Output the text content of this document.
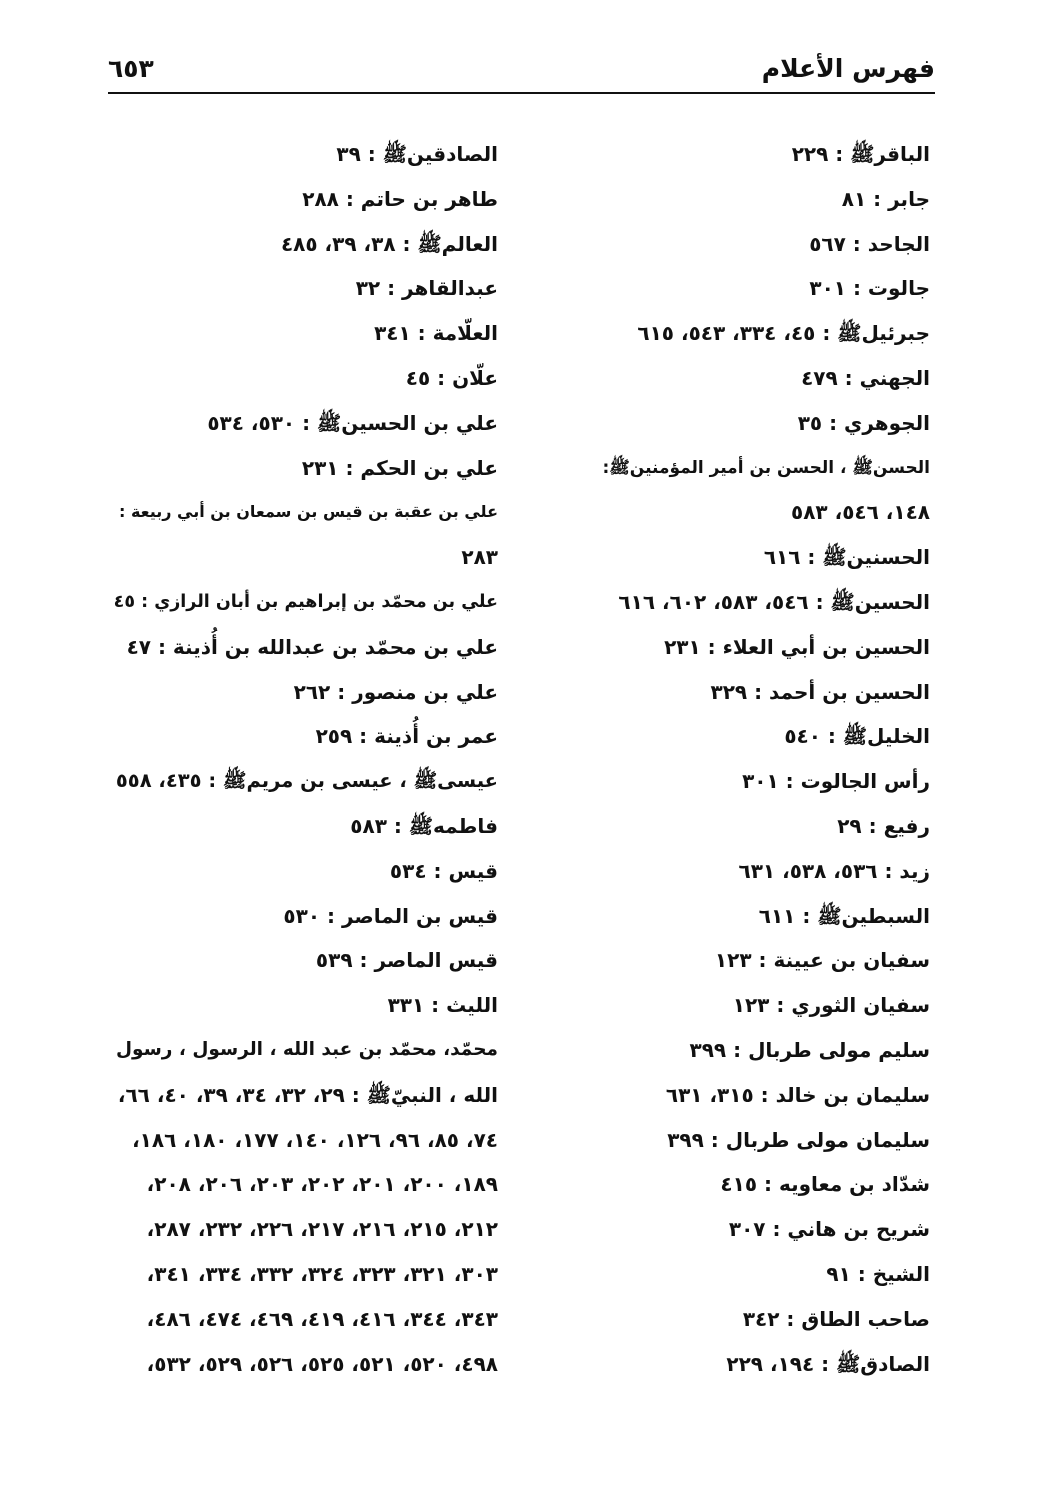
فهرس الأعلام
٦٥٣
الباقرﷺ : ٢٢٩
جابر : ٨١
الجاحد : ٥٦٧
جالوت : ٣٠١
جبرئيلﷺ : ٤٥، ٣٣٤، ٥٤٣، ٦١٥
الجهني : ٤٧٩
الجوهري : ٣٥
الحسنﷺ ، الحسن بن أمير المؤمنينﷺ:
١٤٨، ٥٤٦، ٥٨٣
الحسنينﷺ : ٦١٦
الحسينﷺ : ٥٤٦، ٥٨٣، ٦٠٢، ٦١٦
الحسين بن أبي العلاء : ٢٣١
الحسين بن أحمد : ٣٢٩
الخليلﷺ : ٥٤٠
رأس الجالوت : ٣٠١
رفيع : ٢٩
زيد : ٥٣٦، ٥٣٨، ٦٣١
السبطينﷺ : ٦١١
سفيان بن عيينة : ١٢٣
سفيان الثوري : ١٢٣
سليم مولى طربال : ٣٩٩
سليمان بن خالد : ٣١٥، ٦٣١
سليمان مولى طربال : ٣٩٩
شدّاد بن معاويه : ٤١٥
شريح بن هاني : ٣٠٧
الشيخ : ٩١
صاحب الطاق : ٣٤٢
الصادقﷺ : ١٩٤، ٢٢٩
الصادقينﷺ : ٣٩
طاهر بن حاتم : ٢٨٨
العالمﷺ : ٣٨، ٣٩، ٤٨٥
عبدالقاهر : ٣٢
العلّامة : ٣٤١
علّان : ٤٥
علي بن الحسينﷺ : ٥٣٠، ٥٣٤
علي بن الحكم : ٢٣١
علي بن عقبة بن قيس بن سمعان بن أبي ربيعة :
٢٨٣
علي بن محمّد بن إبراهيم بن أبان الرازي : ٤٥
علي بن محمّد بن عبدالله بن أُذينة : ٤٧
علي بن منصور : ٢٦٢
عمر بن أُذينة : ٢٥٩
عيسىﷺ ، عيسى بن مريمﷺ : ٤٣٥، ٥٥٨
فاطمهﷺ : ٥٨٣
قيس : ٥٣٤
قيس بن الماصر : ٥٣٠
قيس الماصر : ٥٣٩
الليث : ٣٣١
محمّد، محمّد بن عبد الله ، الرسول ، رسول
الله ، النبيّﷺ : ٢٩، ٣٢، ٣٤، ٣٩، ٤٠، ٦٦،
٧٤، ٨٥، ٩٦، ١٢٦، ١٤٠، ١٧٧، ١٨٠، ١٨٦،
١٨٩، ٢٠٠، ٢٠١، ٢٠٢، ٢٠٣، ٢٠٦، ٢٠٨،
٢١٢، ٢١٥، ٢١٦، ٢١٧، ٢٢٦، ٢٣٢، ٢٨٧،
٣٠٣، ٣٢١، ٣٢٣، ٣٢٤، ٣٣٢، ٣٣٤، ٣٤١،
٣٤٣، ٣٤٤، ٤١٦، ٤١٩، ٤٦٩، ٤٧٤، ٤٨٦،
٤٩٨، ٥٢٠، ٥٢١، ٥٢٥، ٥٢٦، ٥٢٩، ٥٣٢،
